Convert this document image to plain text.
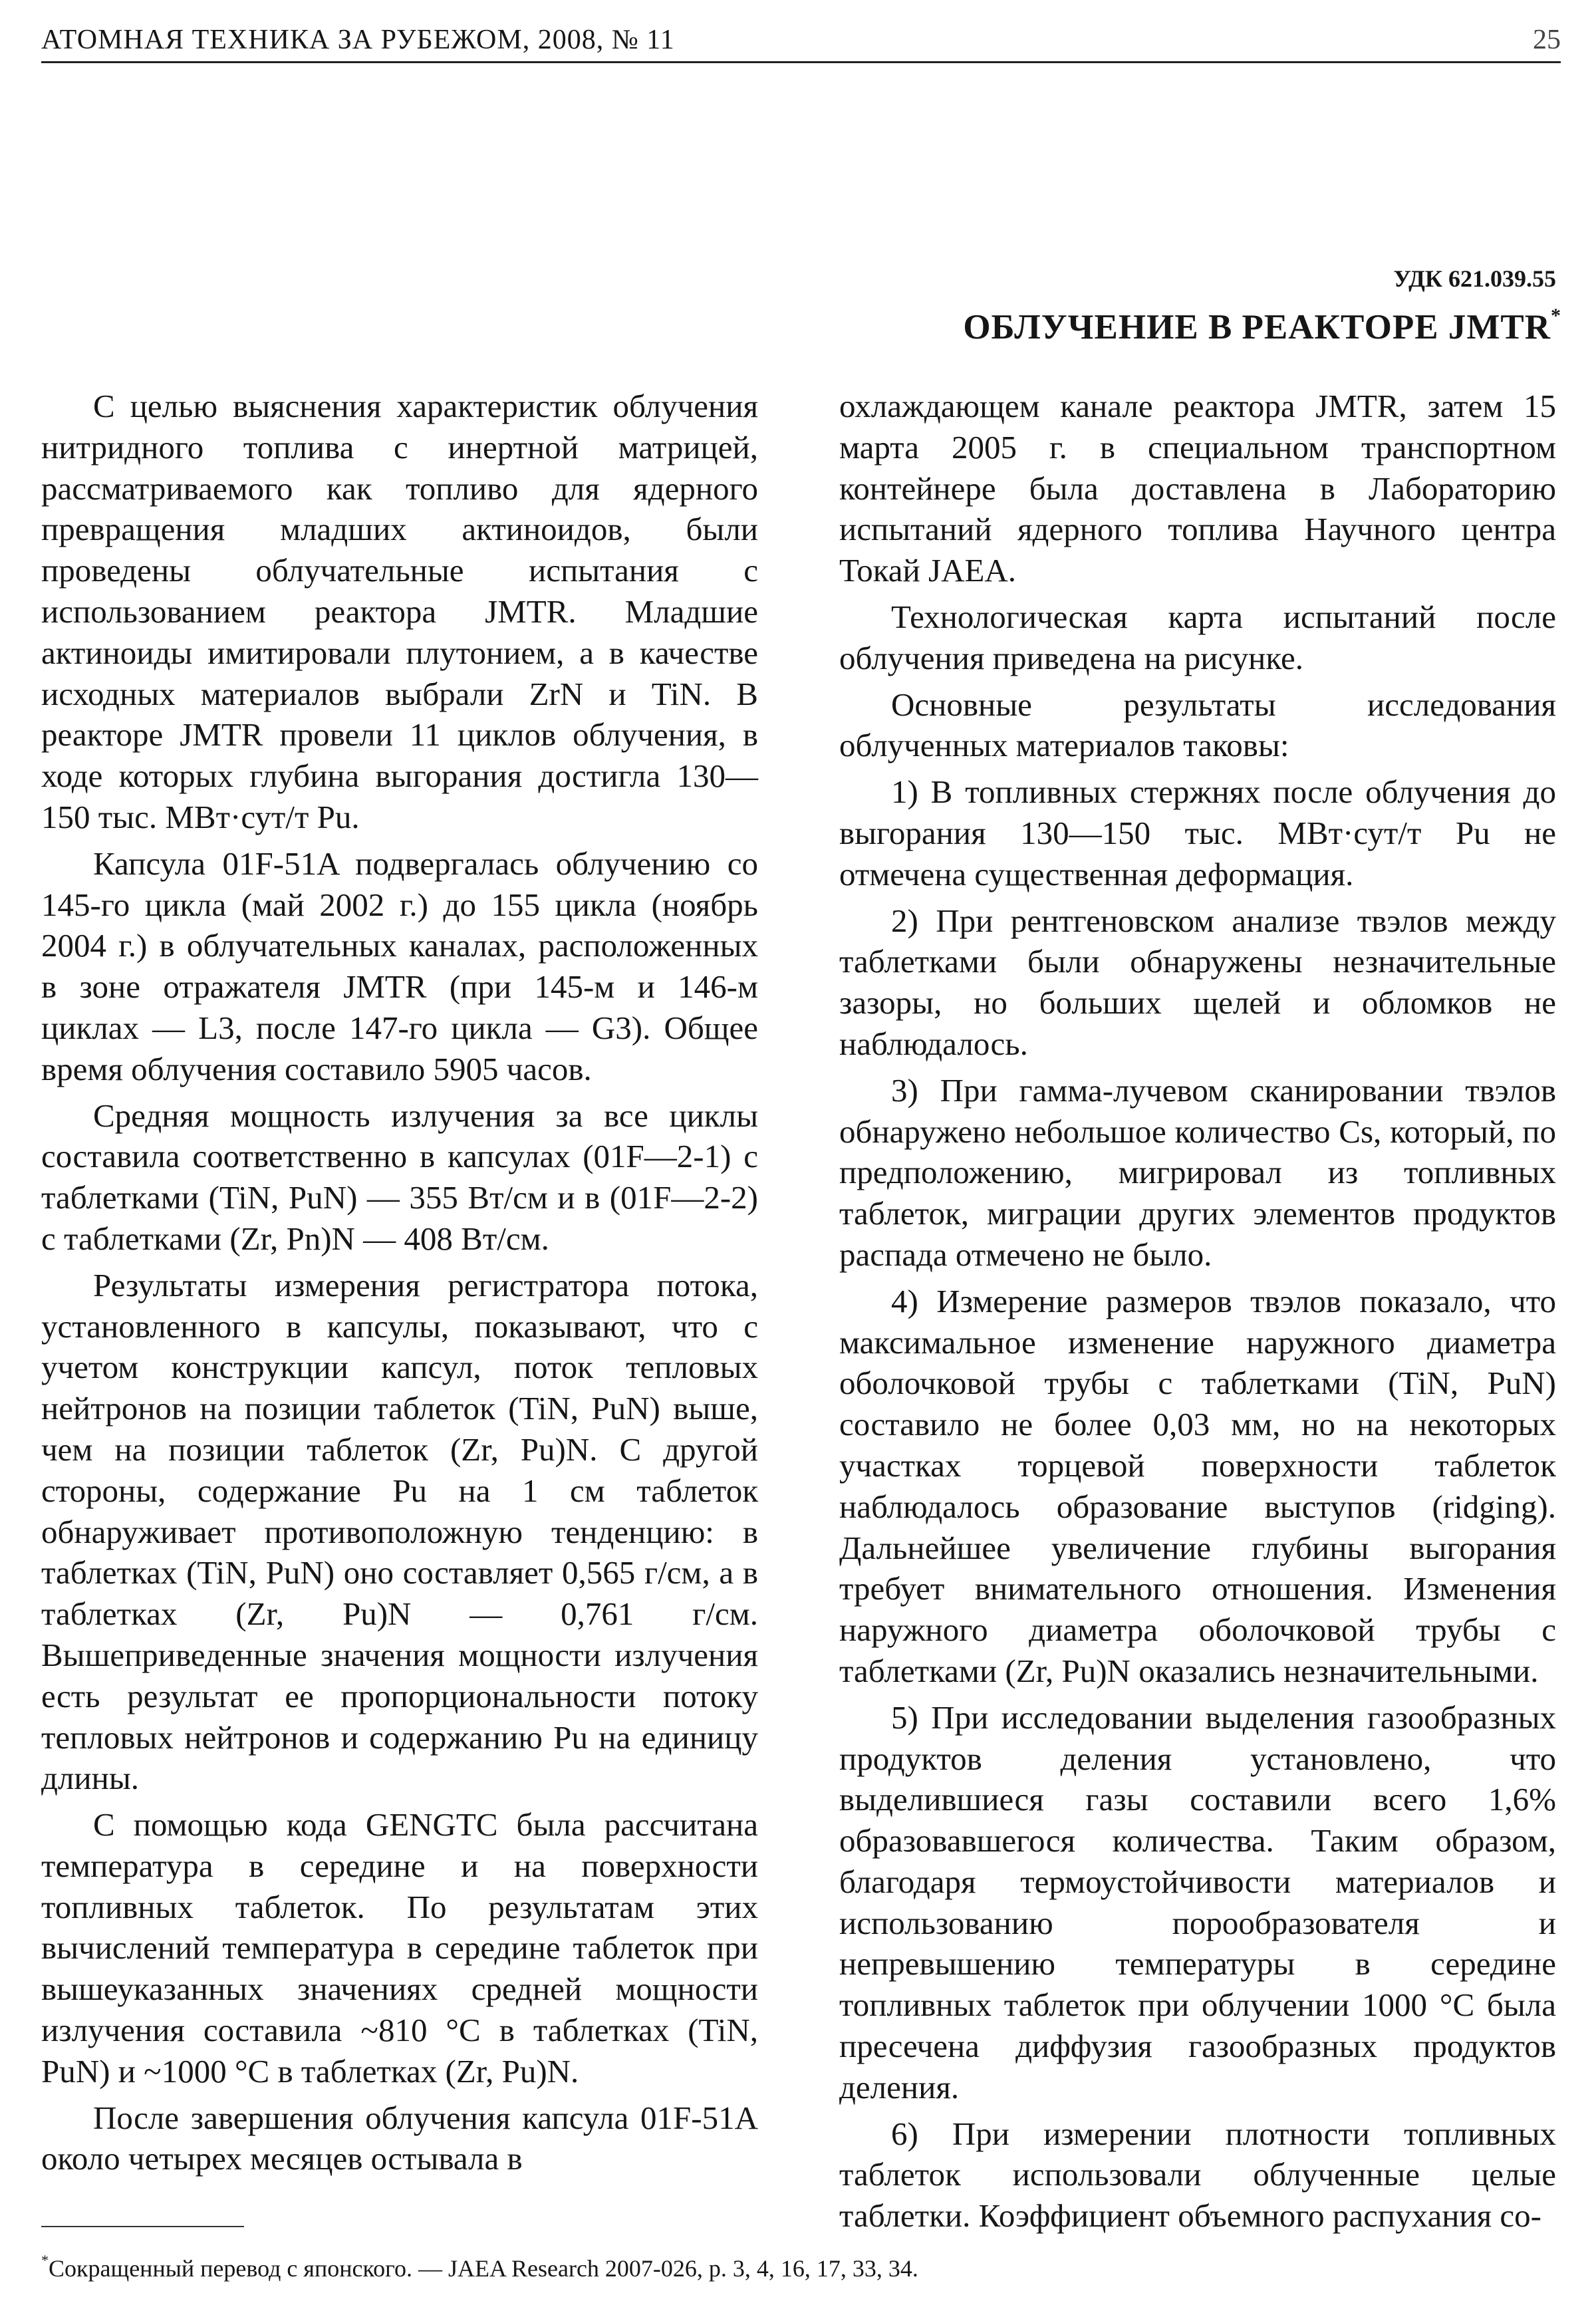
АТОМНАЯ ТЕХНИКА ЗА РУБЕЖОМ, 2008, № 11	25
УДК 621.039.55
ОБЛУЧЕНИЕ В РЕАКТОРЕ JMTR*

С целью выяснения характеристик облучения нитридного топлива с инертной матрицей, рассматриваемого как топливо для ядерного превращения младших актиноидов, были проведены облучательные испытания с использованием реактора JMTR. Младшие актиноиды имитировали плутонием, а в качестве исходных материалов выбрали ZrN и TiN. В реакторе JMTR провели 11 циклов облучения, в ходе которых глубина выгорания достигла 130—150 тыс. МВт·сут/т Pu.

Капсула 01F-51A подвергалась облучению со 145-го цикла (май 2002 г.) до 155 цикла (ноябрь 2004 г.) в облучательных каналах, расположенных в зоне отражателя JMTR (при 145-м и 146-м циклах — L3, после 147-го цикла — G3). Общее время облучения составило 5905 часов.

Средняя мощность излучения за все циклы составила соответственно в капсулах (01F—2-1) с таблетками (TiN, PuN) — 355 Вт/см и в (01F—2-2) с таблетками (Zr, Pn)N — 408 Вт/см.

Результаты измерения регистратора потока, установленного в капсулы, показывают, что с учетом конструкции капсул, поток тепловых нейтронов на позиции таблеток (TiN, PuN) выше, чем на позиции таблеток (Zr, Pu)N. С другой стороны, содержание Pu на 1 см таблеток обнаруживает противоположную тенденцию: в таблетках (TiN, PuN) оно составляет 0,565 г/см, а в таблетках (Zr, Pu)N — 0,761 г/см. Вышеприведенные значения мощности излучения есть результат ее пропорциональности потоку тепловых нейтронов и содержанию Pu на единицу длины.

С помощью кода GENGTC была рассчитана температура в середине и на поверхности топливных таблеток. По результатам этих вычислений температура в середине таблеток при вышеуказанных значениях средней мощности излучения составила ~810 °С в таблетках (TiN, PuN) и ~1000 °С в таблетках (Zr, Pu)N.

После завершения облучения капсула 01F-51A около четырех месяцев остывала в

охлаждающем канале реактора JMTR, затем 15 марта 2005 г. в специальном транспортном контейнере была доставлена в Лабораторию испытаний ядерного топлива Научного центра Токай JAEA.

Технологическая карта испытаний после облучения приведена на рисунке.

Основные результаты исследования облученных материалов таковы:

1) В топливных стержнях после облучения до выгорания 130—150 тыс. МВт·сут/т Pu не отмечена существенная деформация.

2) При рентгеновском анализе твэлов между таблетками были обнаружены незначительные зазоры, но больших щелей и обломков не наблюдалось.

3) При гамма-лучевом сканировании твэлов обнаружено небольшое количество Cs, который, по предположению, мигрировал из топливных таблеток, миграции других элементов продуктов распада отмечено не было.

4) Измерение размеров твэлов показало, что максимальное изменение наружного диаметра оболочковой трубы с таблетками (TiN, PuN) составило не более 0,03 мм, но на некоторых участках торцевой поверхности таблеток наблюдалось образование выступов (ridging). Дальнейшее увеличение глубины выгорания требует внимательного отношения. Изменения наружного диаметра оболочковой трубы с таблетками (Zr, Pu)N оказались незначительными.

5) При исследовании выделения газообразных продуктов деления установлено, что выделившиеся газы составили всего 1,6% образовавшегося количества. Таким образом, благодаря термоустойчивости материалов и использованию порообразователя и непревышению температуры в середине топливных таблеток при облучении 1000 °С была пресечена диффузия газообразных продуктов деления.

6) При измерении плотности топливных таблеток использовали облученные целые таблетки. Коэффициент объемного распухания со-

*Сокращенный перевод с японского. — JAEA Research 2007-026, p. 3, 4, 16, 17, 33, 34.
